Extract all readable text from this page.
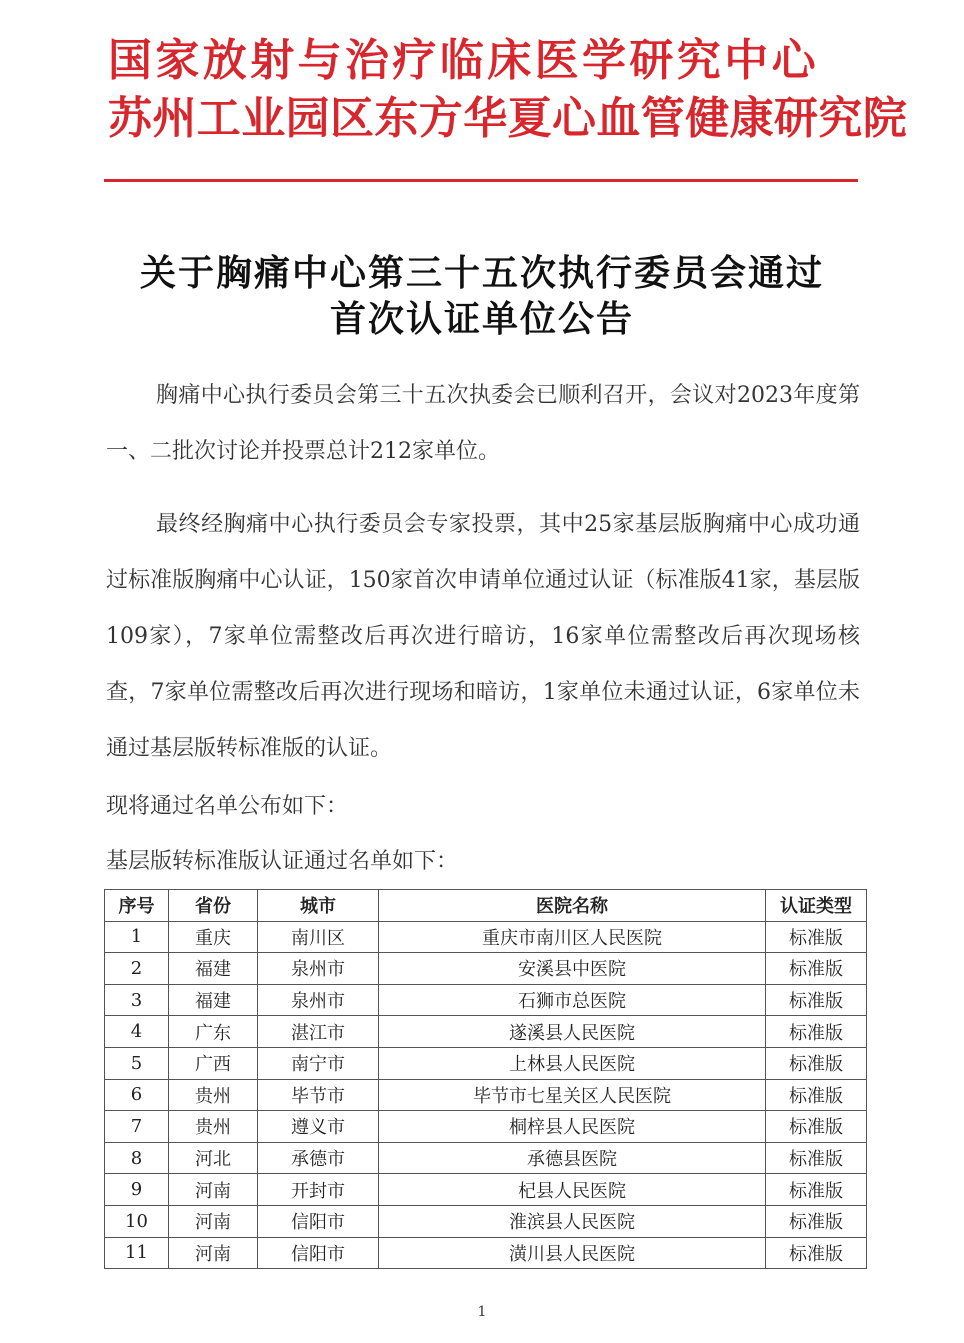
国家放射与治疗临床医学研究中心
苏州工业园区东方华夏心血管健康研究院
关于胸痛中心第三十五次执行委员会通过
首次认证单位公告

胸痛中心执行委员会第三十五次执委会已顺利召开，会议对2023年度第一、二批次讨论并投票总计212家单位。

最终经胸痛中心执行委员会专家投票，其中25家基层版胸痛中心成功通过标准版胸痛中心认证，150家首次申请单位通过认证（标准版41家，基层版109家），7家单位需整改后再次进行暗访，16家单位需整改后再次现场核查，7家单位需整改后再次进行现场和暗访，1家单位未通过认证，6家单位未通过基层版转标准版的认证。

现将通过名单公布如下：
基层版转标准版认证通过名单如下：
序号	省份	城市	医院名称	认证类型
1	重庆	南川区	重庆市南川区人民医院	标准版
2	福建	泉州市	安溪县中医院	标准版
3	福建	泉州市	石狮市总医院	标准版
4	广东	湛江市	遂溪县人民医院	标准版
5	广西	南宁市	上林县人民医院	标准版
6	贵州	毕节市	毕节市七星关区人民医院	标准版
7	贵州	遵义市	桐梓县人民医院	标准版
8	河北	承德市	承德县医院	标准版
9	河南	开封市	杞县人民医院	标准版
10	河南	信阳市	淮滨县人民医院	标准版
11	河南	信阳市	潢川县人民医院	标准版
1
